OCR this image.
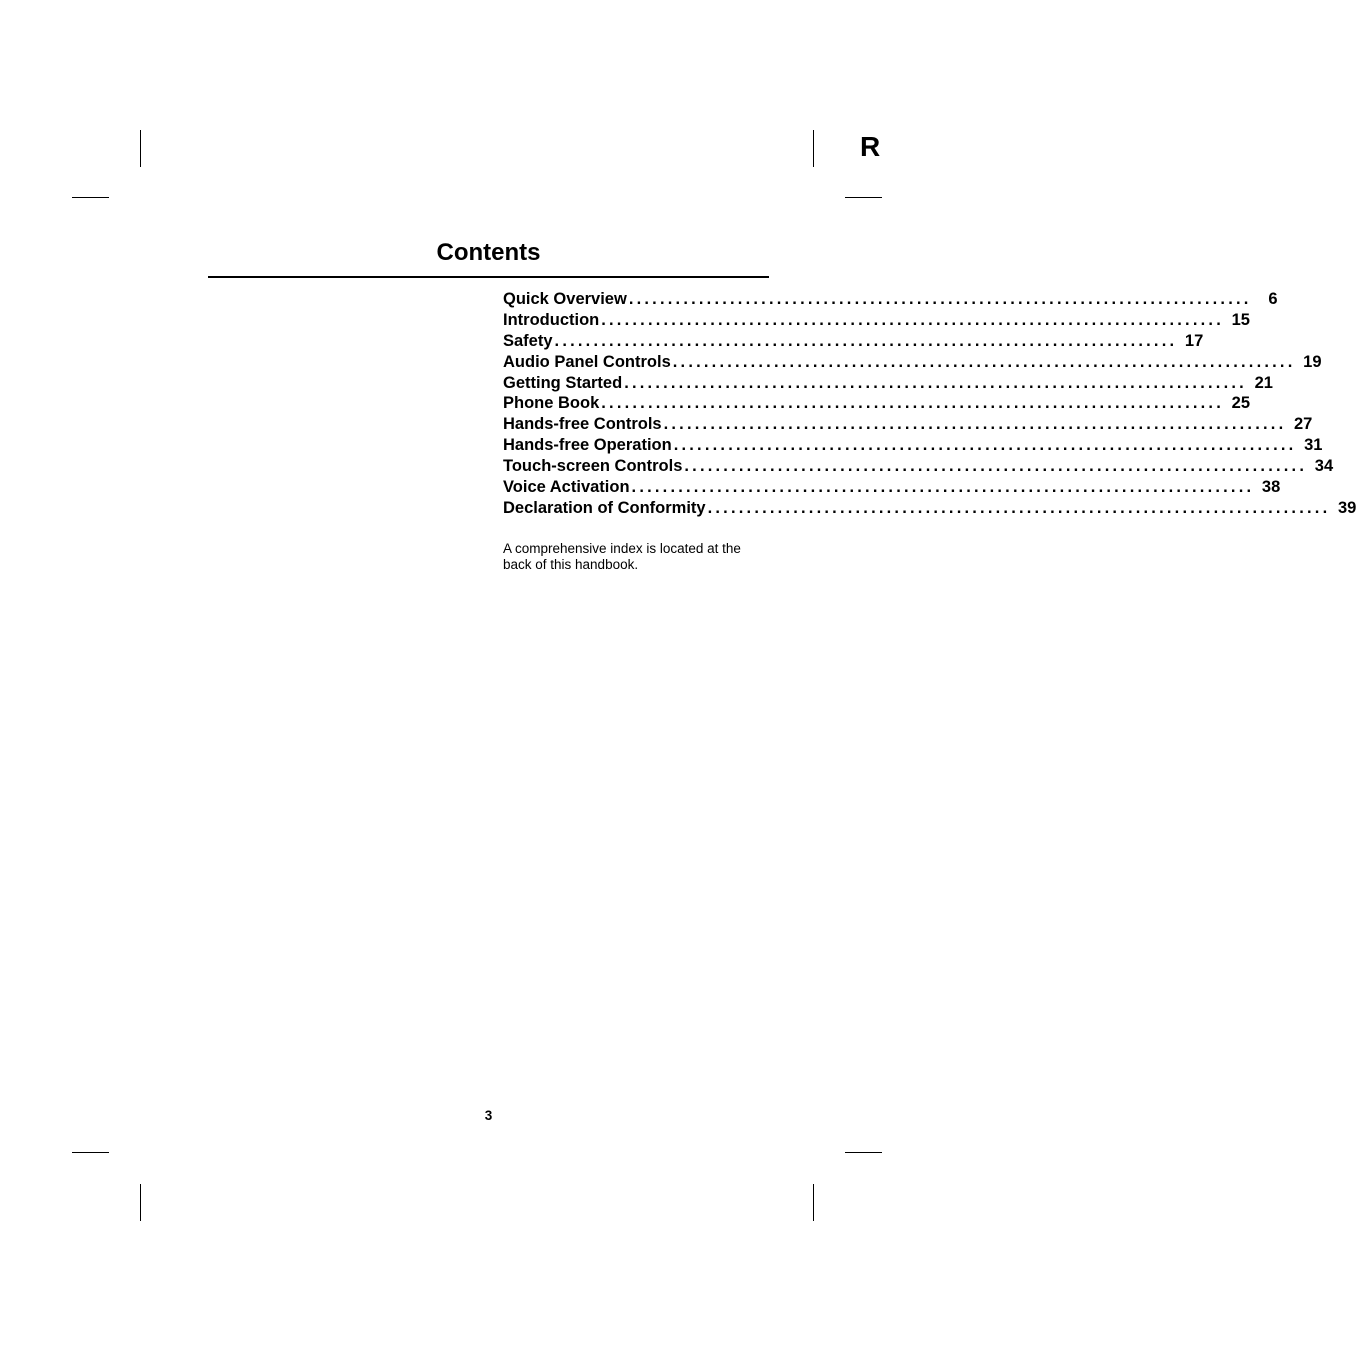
R
Contents
Quick Overview ................................................................................	6
Introduction ................................................................................ 15
Safety ................................................................................ 17
Audio Panel Controls ................................................................................ 19
Getting Started ................................................................................ 21
Phone Book ................................................................................ 25
Hands-free Controls ................................................................................ 27
Hands-free Operation ................................................................................ 31
Touch-screen Controls ................................................................................ 34
Voice Activation ................................................................................ 38
Declaration of Conformity ................................................................................ 39
A comprehensive index is located at the back of this handbook.
3
